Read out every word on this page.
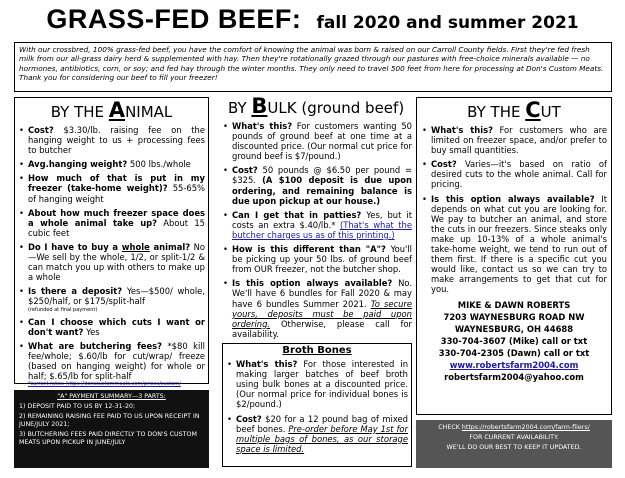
GRASS-FED BEEF: fall 2020 and summer 2021
With our crossbred, 100% grass-fed beef, you have the comfort of knowing the animal was born & raised on our Carroll County fields. First they're fed fresh milk from our all-grass dairy herd & supplemented with hay. Then they're rotationally grazed through our pastures with free-choice minerals available — no hormones, antibiotics, corn, or soy; and fed hay through the winter months. They only need to travel 500 feet from here for processing at Don's Custom Meats. Thank you for considering our beef to fill your freezer!
BY THE ANIMAL
• Cost? $3.30/lb. raising fee on the hanging weight to us + processing fees to butcher
• Avg.hanging weight? 500 lbs./whole
• How much of that is put in my freezer (take-home weight)? 55-65% of hanging weight
• About how much freezer space does a whole animal take up? About 15 cubic feet
• Do I have to buy a whole animal? No—We sell by the whole, 1/2, or split-1/2 & can match you up with others to make up a whole
• Is there a deposit? Yes—$500/ whole, $250/half, or $175/split-half
(refunded at final payment)
• Can I choose which cuts I want or don't want? Yes
• What are butchering fees? *$80 kill fee/whole; $.60/lb for cut/wrap/ freeze (based on hanging weight) for whole or half; $.65/lb for split-half
*current rates: https://donscustommeats.com/prices/custom/
"A" PAYMENT SUMMARY—3 PARTS:

1) DEPOSIT PAID TO US BY 12-31-20;

2) REMAINING RAISING FEE PAID TO US UPON RECEIPT IN JUNE/JULY 2021;

3) BUTCHERING FEES PAID DIRECTLY TO DON'S CUSTOM MEATS UPON PICKUP IN JUNE/JULY

BY BULK (ground beef)
• What's this? For customers wanting 50 pounds of ground beef at one time at a discounted price. (Our normal cut price for ground beef is $7/pound.)
• Cost? 50 pounds @ $6.50 per pound = $325. (A $100 deposit is due upon ordering, and remaining balance is due upon pickup at our house.)
• Can I get that in patties? Yes, but it costs an extra $.40/lb.* (That's what the butcher charges us as of this printing.)
• How is this different than "A"? You'll be picking up your 50 lbs. of ground beef from OUR freezer, not the butcher shop.
• Is this option always available? No. We'll have 6 bundles for Fall 2020 & may have 6 bundles Summer 2021. To secure yours, deposits must be paid upon ordering. Otherwise, please call for availability.
Broth Bones
• What's this? For those interested in making larger batches of beef broth using bulk bones at a discounted price. (Our normal price for individual bones is $2/pound.)
• Cost? $20 for a 12 pound bag of mixed beef bones. Pre-order before May 1st for multiple bags of bones, as our storage space is limited.
BY THE CUT
• What's this? For customers who are limited on freezer space, and/or prefer to buy small quantities.
• Cost? Varies—it's based on ratio of desired cuts to the whole animal. Call for pricing.
• Is this option always available? It depends on what cut you are looking for. We pay to butcher an animal, and store the cuts in our freezers. Since steaks only make up 10-13% of a whole animal's take-home weight, we tend to run out of them first. If there is a specific cut you would like, contact us so we can try to make arrangements to get that cut for you.
MIKE & DAWN ROBERTS
7203 WAYNESBURG ROAD NW
WAYNESBURG, OH 44688
330-704-3607 (Mike) call or txt
330-704-2305 (Dawn) call or txt
www.robertsfarm2004.com
robertsfarm2004@yahoo.com
CHECK https://robertsfarm2004.com/farm-fliers/
FOR CURRENT AVAILABILITY.
WE'LL DO OUR BEST TO KEEP IT UPDATED.
